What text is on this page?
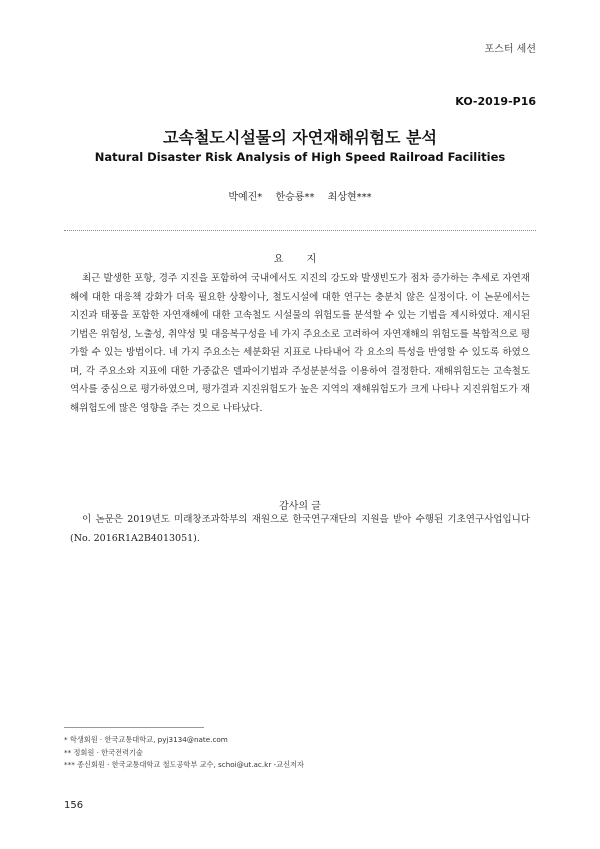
포스터 세션
KO-2019-P16
고속철도시설물의 자연재해위험도 분석
Natural Disaster Risk Analysis of High Speed Railroad Facilities
박예진* 한승룡** 최상현***
요 지

최근 발생한 포항, 경주 지진을 포함하여 국내에서도 지진의 강도와 발생빈도가 점차 증가하는 추세로 자연재해에 대한 대응책 강화가 더욱 필요한 상황이나, 철도시설에 대한 연구는 충분치 않은 실정이다. 이 논문에서는 지진과 태풍을 포함한 자연재해에 대한 고속철도 시설물의 위험도를 분석할 수 있는 기법을 제시하였다. 제시된 기법은 위험성, 노출성, 취약성 및 대응복구성을 네 가지 주요소로 고려하여 자연재해의 위험도를 복합적으로 평가할 수 있는 방법이다. 네 가지 주요소는 세분화된 지표로 나타내어 각 요소의 특성을 반영할 수 있도록 하였으며, 각 주요소와 지표에 대한 가중값은 델파이기법과 주성분분석을 이용하여 결정한다. 재해위험도는 고속철도 역사를 중심으로 평가하였으며, 평가결과 지진위험도가 높은 지역의 재해위험도가 크게 나타나 지진위험도가 재해위험도에 많은 영향을 주는 것으로 나타났다.

감사의 글

이 논문은 2019년도 미래창조과학부의 재원으로 한국연구재단의 지원을 받아 수행된 기초연구사업입니다(No. 2016R1A2B4013051).

* 학생회원 · 한국교통대학교, pyj3134@nate.com
** 정회원 · 한국전력기술
*** 종신회원 · 한국교통대학교 철도공학부 교수, schoi@ut.ac.kr -교신저자
156
